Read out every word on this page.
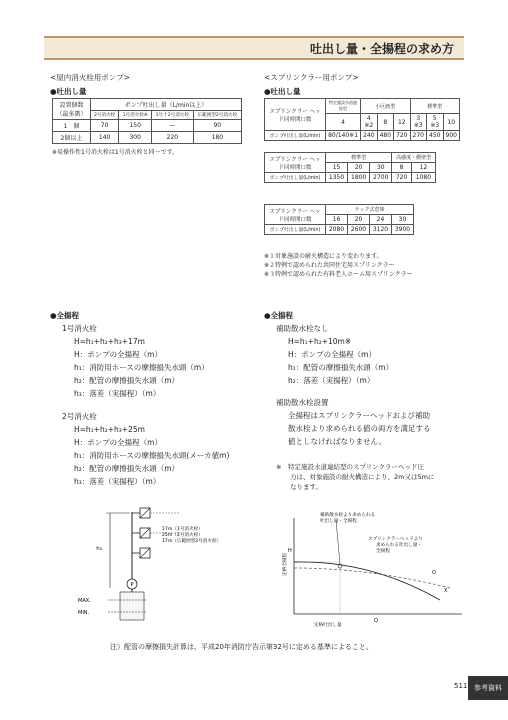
吐出し量・全揚程の求め方
<屋内消火栓用ポンプ>
●吐出し量
設置個数
（最多階）	ポンプ吐出し量（L/min以上）			
	2号消火栓	1号消火栓※	1号十2号消火栓	広範囲型2号消火栓
1　個	70	150	—	90
2個以上	140	300	220	180
※易操作性1号消火栓は1号消火栓と同一です。
<スプリンクラー用ポンプ>
●吐出し量
スプリンクラー ヘッド同時開口数	特定施設水道連結型	小区画型			標準型		
	4	4 ※2	8	12	3 ※3	5 ※3	10
ポンプ吐出し量(L/min)	80/140※1	240	480	720	270	450	900
スプリンクラー ヘッド同時開口数	標準型			高感度・側壁型	
	15	20	30	8	12
ポンプ吐出し量(L/min)	1350	1800	2700	720	1080
スプリンクラー ヘッド同時開口数	ラック式倉庫			
	16	20	24	30
ポンプ吐出し量(L/min)	2080	2600	3120	3900
※１対象施設の耐火構造により変わります。
※２特例で認められた共同住宅用スプリンクラー
※３特例で認められた有料老人ホーム用スプリンクラー
●全揚程
1号消火栓
H=h₁+h₂+h₃+17m
H：ポンプの全揚程（m）
h₁：消防用ホースの摩擦損失水頭（m）
h₂：配管の摩擦損失水頭（m）
h₃：落差（実揚程）（m）
2号消火栓
H=h₁+h₂+h₃+25m
H：ポンプの全揚程（m）
h₁：消防用ホースの摩擦損失水頭(メーカ値m)
h₂：配管の摩擦損失水頭（m）
h₃：落差（実揚程）（m）
●全揚程
補助散水栓なし
H=h₁+h₂+10m※
H：ポンプの全揚程（m）
h₁：配管の摩擦損失水頭（m）
h₂：落差（実揚程）（m）
補助散水栓設置
全揚程はスプリンクラーヘッドおよび補助
散水栓より求められる値の両方を満足する
値としなければなりません。
※　特定施設水道連結型のスプリンクラーヘッド圧
力は、対象施設の耐火構造により、2m又は5mに
なります。
h₃
P
MAX.
MIN.
17m（1号消火栓）
25m（2号消火栓）
17m（広範囲型2号消火栓）
補助散水栓より求められる
吐出し量・全揚程
スプリンクラーヘッドより
求められる吐出し量・
全揚程
H
Q
O
X
定格全揚程
定格吐出し量
注）配管の摩擦損失計算は、平成20年消防庁告示第32号に定める基準によること。
511 参考資料
